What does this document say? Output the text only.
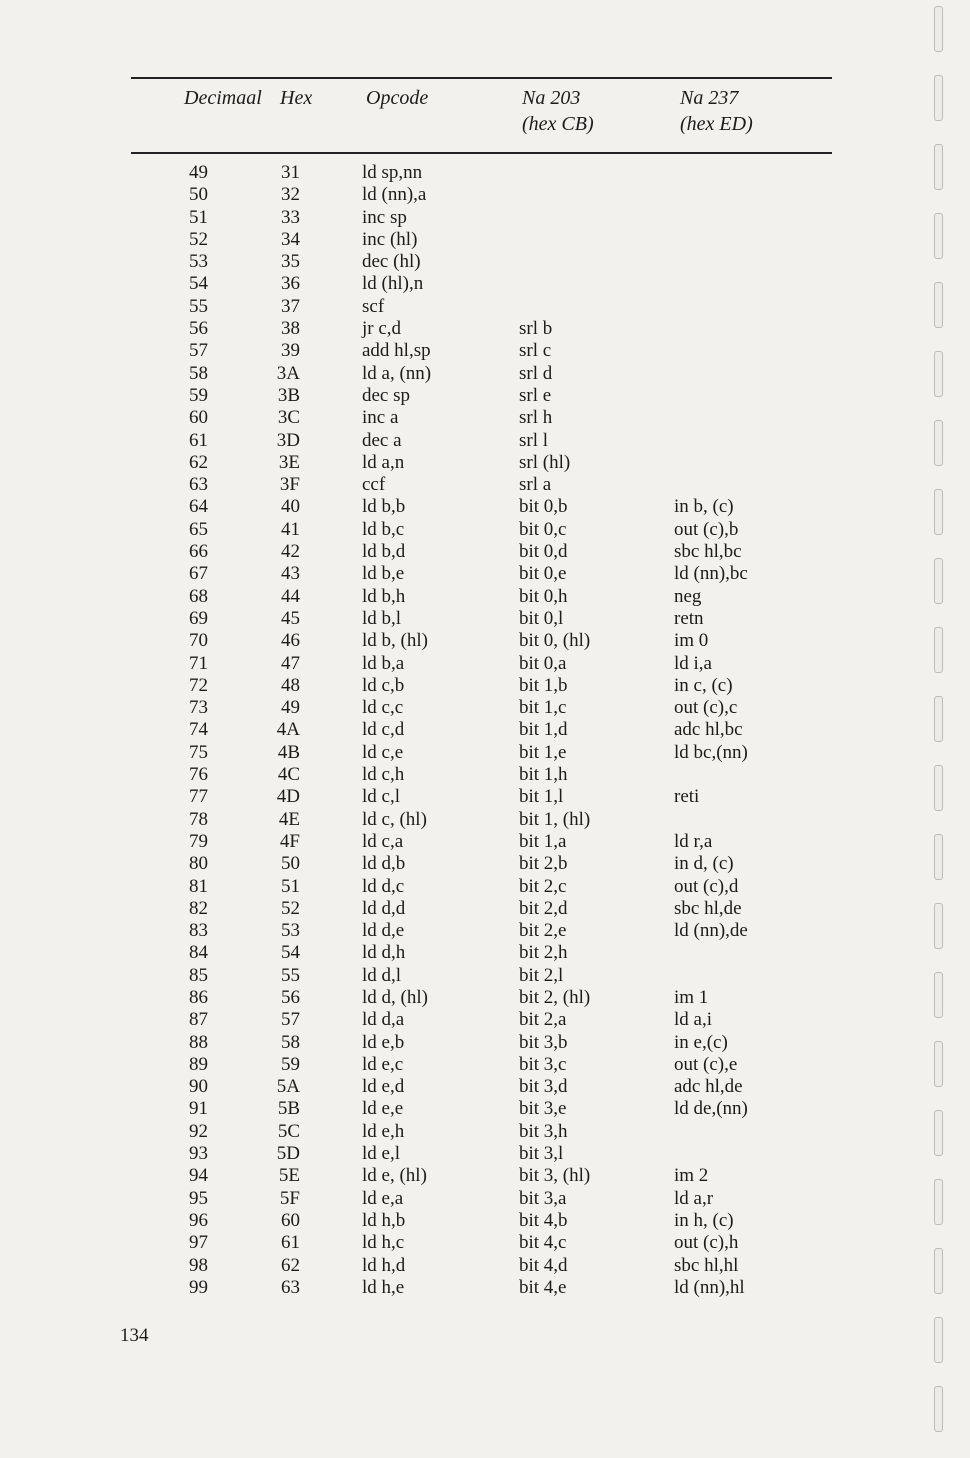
Decimaal Hex	Opcode	Na 203
(hex CB)
Na 237
(hex ED)
49
50
51
52
53
54
55
56
57
58
59
60
61
62
63
64
65
66
67
68
69
70
71
72
73
74
75
76
77
78
79
80
81
82
83
84
85
86
87
88
89
90
91
92
93
94
95
96
97
98
99
31
32
33
34
35
36
37
38
39
3A
3B
3C
3D
3E
3F
40
41
42
43
44
45
46
47
48
49
4A
4B
4C
4D
4E
4F
50
51
52
53
54
55
56
57
58
59
5A
5B
5C
5D
5E
5F
60
61
62
63
ld sp,nn
ld (nn),a
inc sp
inc (hl)
dec (hl)
ld (hl),n
scf
jr c,d
add hl,sp
ld a, (nn)
dec sp
inc a
dec a
ld a,n
ccf
ld b,b
ld b,c
ld b,d
ld b,e
ld b,h
ld b,l
ld b, (hl)
ld b,a
ld c,b
ld c,c
ld c,d
ld c,e
ld c,h
ld c,l
ld c, (hl)
ld c,a
ld d,b
ld d,c
ld d,d
ld d,e
ld d,h
ld d,l
ld d, (hl)
ld d,a
ld e,b
ld e,c
ld e,d
ld e,e
ld e,h
ld e,l
ld e, (hl)
ld e,a
ld h,b
ld h,c
ld h,d
ld h,e
srl b
srl c
srl d
srl e
srl h
srl l
srl (hl)
srl a
bit 0,b
bit 0,c
bit 0,d
bit 0,e
bit 0,h
bit 0,l
bit 0, (hl)
bit 0,a
bit 1,b
bit 1,c
bit 1,d
bit 1,e
bit 1,h
bit 1,l
bit 1, (hl)
bit 1,a
bit 2,b
bit 2,c
bit 2,d
bit 2,e
bit 2,h
bit 2,l
bit 2, (hl)
bit 2,a
bit 3,b
bit 3,c
bit 3,d
bit 3,e
bit 3,h
bit 3,l
bit 3, (hl)
bit 3,a
bit 4,b
bit 4,c
bit 4,d
bit 4,e
in b, (c)
out (c),b
sbc hl,bc
ld (nn),bc
neg
retn
im 0
ld i,a
in c, (c)
out (c),c
adc hl,bc
ld bc,(nn)
reti
ld r,a
in d, (c)
out (c),d
sbc hl,de
ld (nn),de
im 1
ld a,i
in e,(c)
out (c),e
adc hl,de
ld de,(nn)
im 2
ld a,r
in h, (c)
out (c),h
sbc hl,hl
ld (nn),hl
134
